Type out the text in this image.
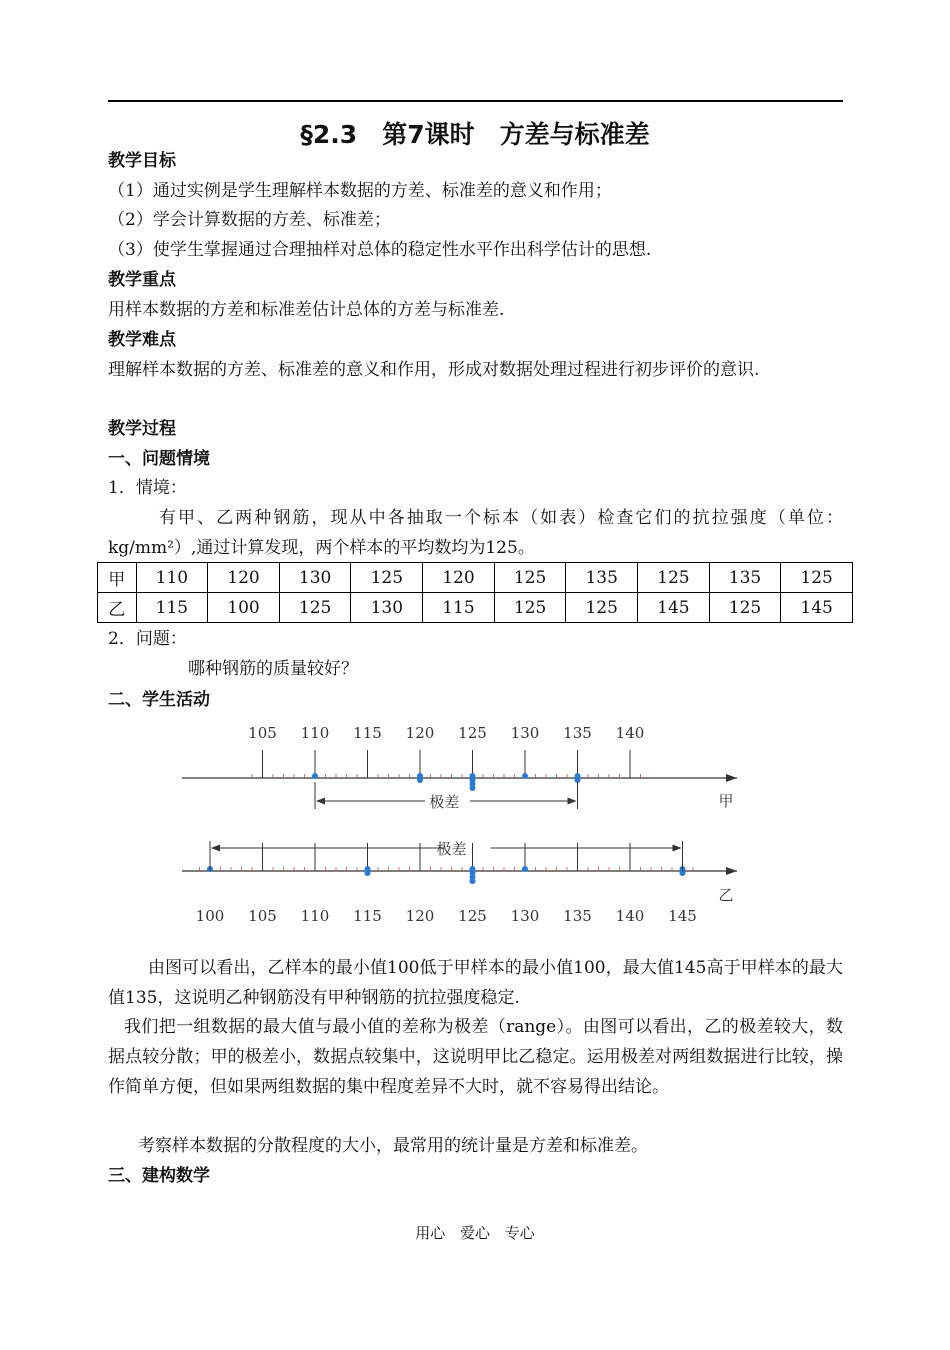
§2.3　第7课时　方差与标准差
教学目标
（1）通过实例是学生理解样本数据的方差、标准差的意义和作用；
（2）学会计算数据的方差、标准差；
（3）使学生掌握通过合理抽样对总体的稳定性水平作出科学估计的思想.
教学重点
用样本数据的方差和标准差估计总体的方差与标准差.
教学难点
理解样本数据的方差、标准差的意义和作用，形成对数据处理过程进行初步评价的意识.
教学过程
一、问题情境
1．情境：
有甲、乙两种钢筋，现从中各抽取一个标本（如表）检查它们的抗拉强度（单位：kg/mm²）,通过计算发现，两个样本的平均数均为125。
甲	110	120	130	125	120	125	135	125	135	125
乙	115	100	125	130	115	125	125	145	125	145
2．问题：
哪种钢筋的质量较好？
二、学生活动
105 110 115 120 125 130 135 140
极差	甲
100 105 110 115 120 125 130 135 140 145
极差
乙
由图可以看出，乙样本的最小值100低于甲样本的最小值100，最大值145高于甲样本的最大值135，这说明乙种钢筋没有甲种钢筋的抗拉强度稳定.
我们把一组数据的最大值与最小值的差称为极差（range）。由图可以看出，乙的极差较大，数据点较分散；甲的极差小，数据点较集中，这说明甲比乙稳定。运用极差对两组数据进行比较，操作简单方便，但如果两组数据的集中程度差异不大时，就不容易得出结论。
考察样本数据的分散程度的大小，最常用的统计量是方差和标准差。
三、建构数学
用心 爱心 专心
